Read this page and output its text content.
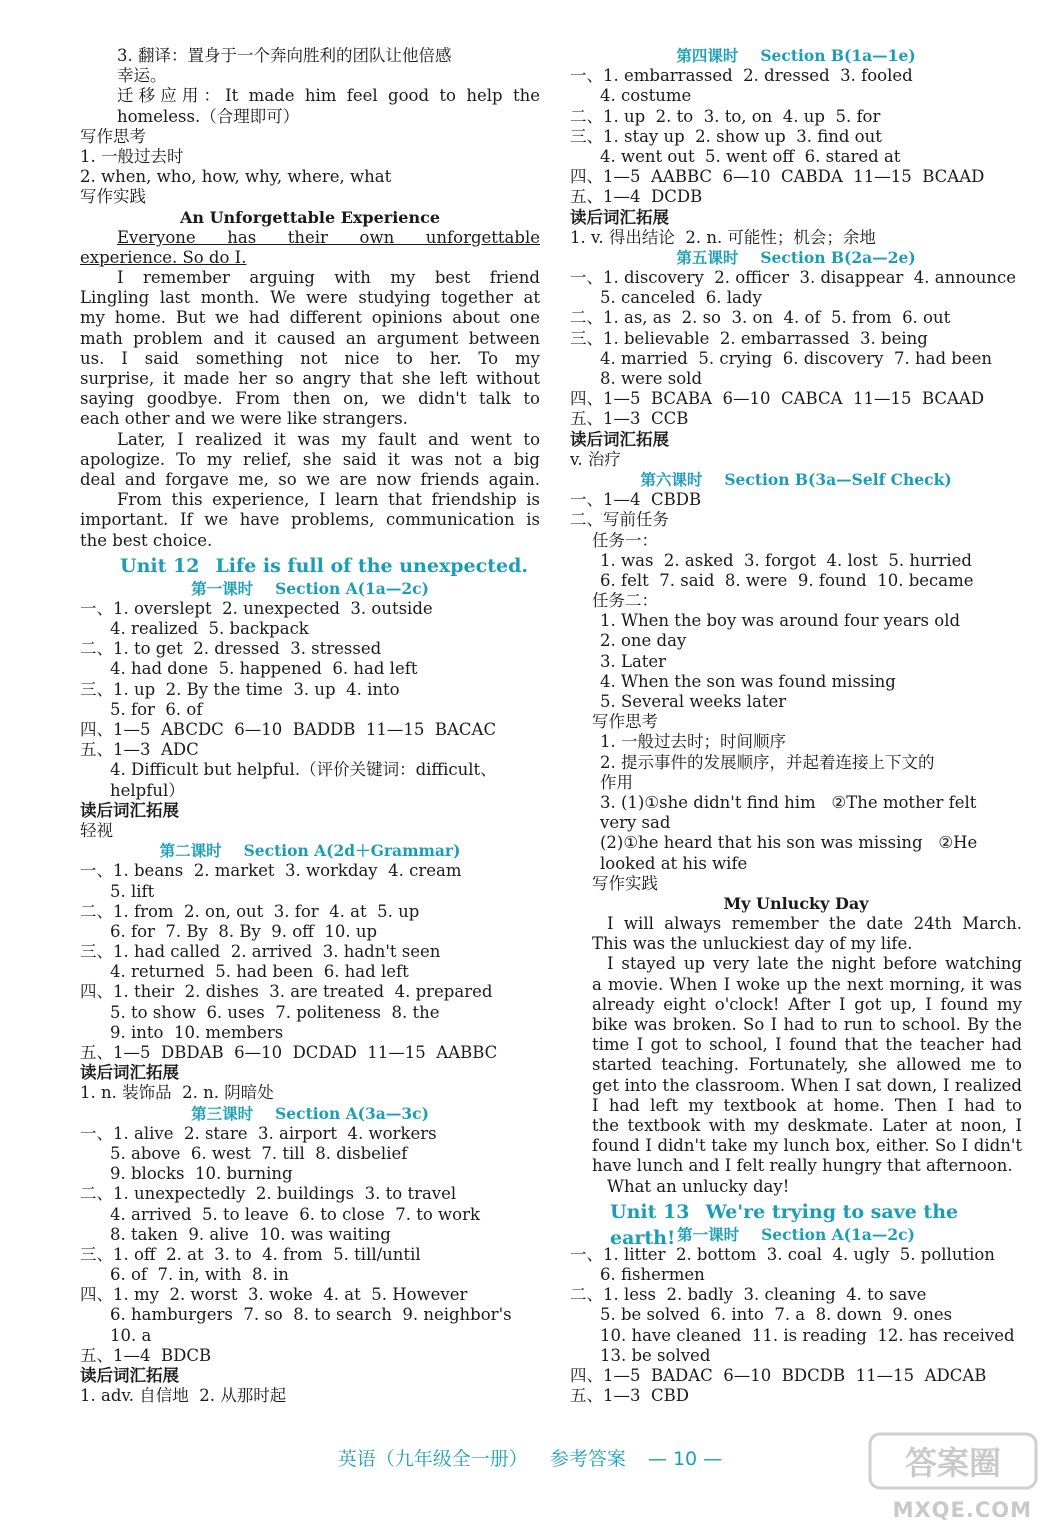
3. 翻译：置身于一个奔向胜利的团队让他倍感
幸运。
迁移应用：It made him feel good to help the
homeless.（合理即可）
写作思考
1. 一般过去时
2. when, who, how, why, where, what
写作实践
An Unforgettable Experience
Everyone has their own unforgettable
experience. So do I.
I remember arguing with my best friend
Lingling last month. We were studying together at
my home. But we had different opinions about one
math problem and it caused an argument between
us. I said something not nice to her. To my
surprise, it made her so angry that she left without
saying goodbye. From then on, we didn't talk to
each other and we were like strangers.
Later, I realized it was my fault and went to
apologize. To my relief, she said it was not a big
deal and forgave me, so we are now friends again.
From this experience, I learn that friendship is
important. If we have problems, communication is
the best choice.
Unit 12 Life is full of the unexpected.
第一课时 Section A(1a—2c)
一、1. overslept  2. unexpected  3. outside
4. realized  5. backpack
二、1. to get  2. dressed  3. stressed
4. had done  5. happened  6. had left
三、1. up  2. By the time  3. up  4. into
5. for  6. of
四、1—5  ABCDC  6—10  BADDB  11—15  BACAC
五、1—3  ADC
4. Difficult but helpful.（评价关键词：difficult、
helpful）
读后词汇拓展
轻视
第二课时 Section A(2d＋Grammar)
一、1. beans  2. market  3. workday  4. cream
5. lift
二、1. from  2. on, out  3. for  4. at  5. up
6. for  7. By  8. By  9. off  10. up
三、1. had called  2. arrived  3. hadn't seen
4. returned  5. had been  6. had left
四、1. their  2. dishes  3. are treated  4. prepared
5. to show  6. uses  7. politeness  8. the
9. into  10. members
五、1—5  DBDAB  6—10  DCDAD  11—15  AABBC
读后词汇拓展
1. n. 装饰品  2. n. 阴暗处
第三课时 Section A(3a—3c)
一、1. alive  2. stare  3. airport  4. workers
5. above  6. west  7. till  8. disbelief
9. blocks  10. burning
二、1. unexpectedly  2. buildings  3. to travel
4. arrived  5. to leave  6. to close  7. to work
8. taken  9. alive  10. was waiting
三、1. off  2. at  3. to  4. from  5. till/until
6. of  7. in, with  8. in
四、1. my  2. worst  3. woke  4. at  5. However
6. hamburgers  7. so  8. to search  9. neighbor's
10. a
五、1—4  BDCB
读后词汇拓展
1. adv. 自信地  2. 从那时起
第四课时 Section B(1a—1e)
一、1. embarrassed  2. dressed  3. fooled
4. costume
二、1. up  2. to  3. to, on  4. up  5. for
三、1. stay up  2. show up  3. find out
4. went out  5. went off  6. stared at
四、1—5  AABBC  6—10  CABDA  11—15  BCAAD
五、1—4  DCDB
读后词汇拓展
1. v. 得出结论  2. n. 可能性；机会；余地
第五课时 Section B(2a—2e)
一、1. discovery  2. officer  3. disappear  4. announce
5. canceled  6. lady
二、1. as, as  2. so  3. on  4. of  5. from  6. out
三、1. believable  2. embarrassed  3. being
4. married  5. crying  6. discovery  7. had been
8. were sold
四、1—5  BCABA  6—10  CABCA  11—15  BCAAD
五、1—3  CCB
读后词汇拓展
v. 治疗
第六课时 Section B(3a—Self Check)
一、1—4  CBDB
二、写前任务
任务一：
1. was  2. asked  3. forgot  4. lost  5. hurried
6. felt  7. said  8. were  9. found  10. became
任务二：
1. When the boy was around four years old
2. one day
3. Later
4. When the son was found missing
5. Several weeks later
写作思考
1. 一般过去时；时间顺序
2. 提示事件的发展顺序，并起着连接上下文的
作用
3. (1)①she didn't find him   ②The mother felt
very sad
(2)①he heard that his son was missing   ②He
looked at his wife
写作实践
My Unlucky Day
I will always remember the date 24th March.
This was the unluckiest day of my life.
I stayed up very late the night before watching
a movie. When I woke up the next morning, it was
already eight o'clock! After I got up, I found my
bike was broken. So I had to run to school. By the
time I got to school, I found that the teacher had
started teaching. Fortunately, she allowed me to
get into the classroom. When I sat down, I realized
I had left my textbook at home. Then I had to
the textbook with my deskmate. Later at noon, I
found I didn't take my lunch box, either. So I didn't
have lunch and I felt really hungry that afternoon.
What an unlucky day!
Unit 13 We're trying to save the earth! 第一课时 Section A(1a—2c)
一、1. litter  2. bottom  3. coal  4. ugly  5. pollution
6. fishermen
二、1. less  2. badly  3. cleaning  4. to save
5. be solved  6. into  7. a  8. down  9. ones
10. have cleaned  11. is reading  12. has received
13. be solved
四、1—5  BADAC  6—10  BDCDB  11—15  ADCAB
五、1—3  CBD
英语（九年级全一册） 参考答案 — 10 —	答案圈
MXQE.COM
